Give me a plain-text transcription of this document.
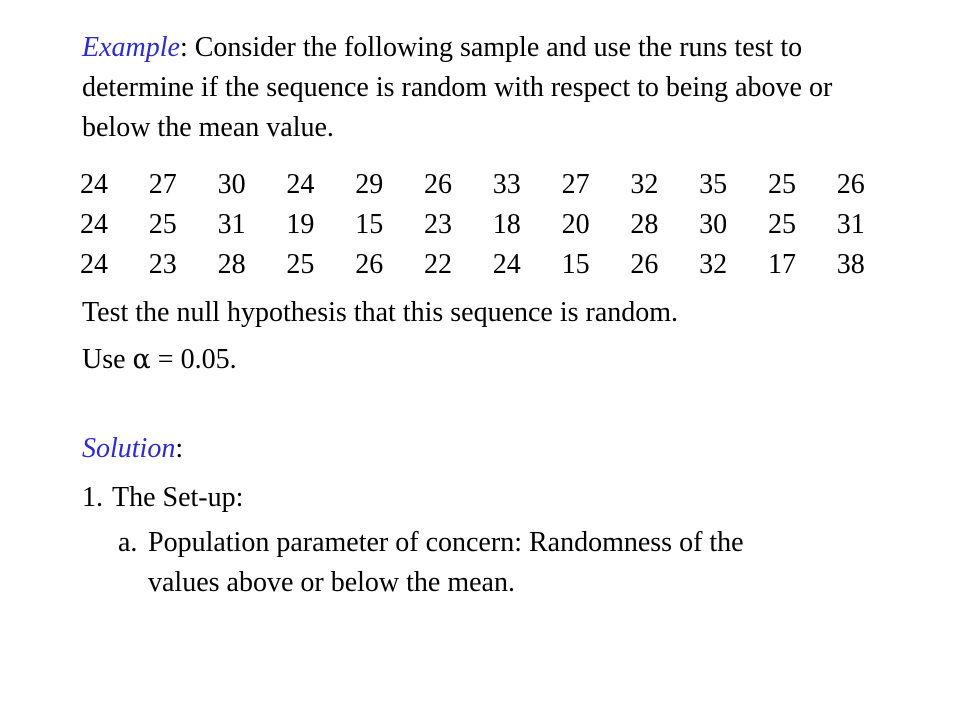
Example: Consider the following sample and use the runs test to determine if the sequence is random with respect to being above or below the mean value.

24	27	30	24	29	26	33	27	32	35	25	26
24	25	31	19	15	23	18	20	28	30	25	31
24	23	28	25	26	22	24	15	26	32	17	38

Test the null hypothesis that this sequence is random.

Use α = 0.05.

Solution:

1. The Set-up:

a. Population parameter of concern: Randomness of the
values above or below the mean.
